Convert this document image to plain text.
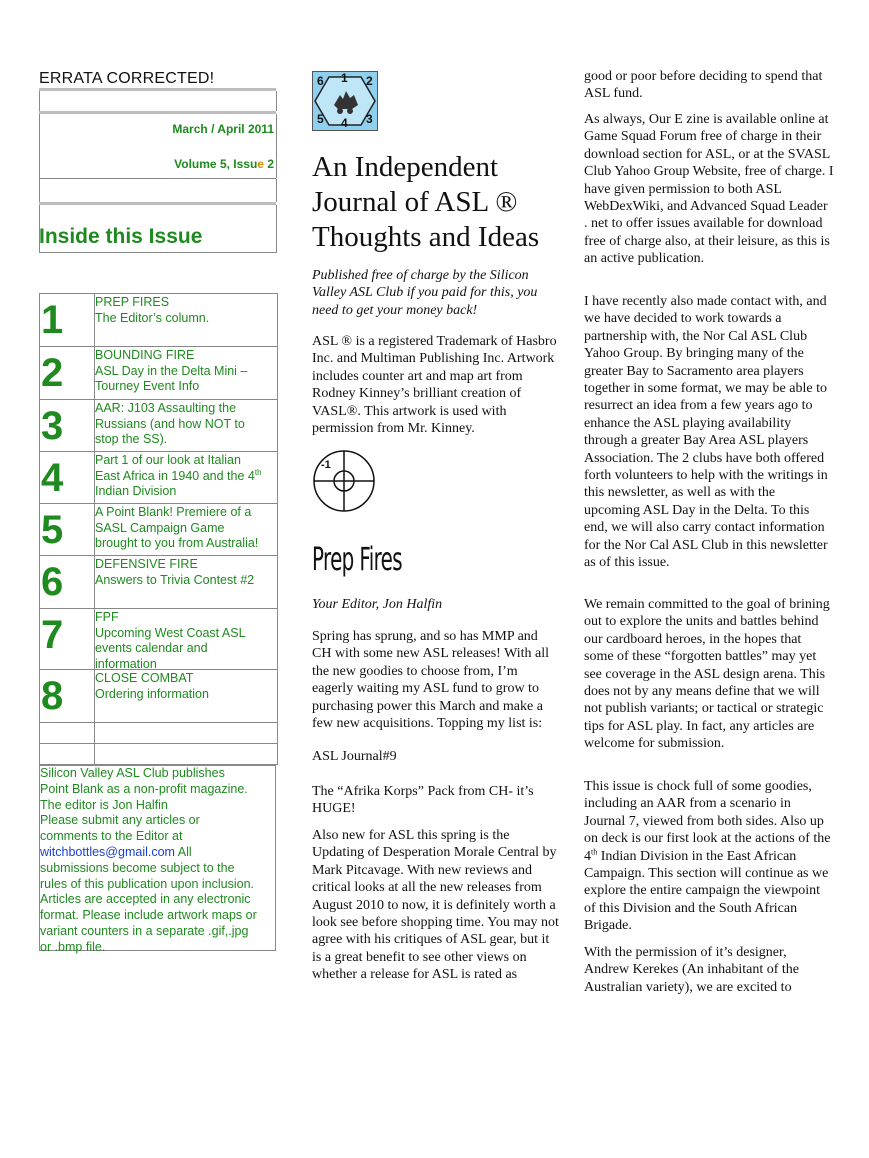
ERRATA CORRECTED!
March / April 2011
Volume 5, Issue 2
Inside this Issue
1	PREP FIRES
The Editor’s column.
2	BOUNDING FIRE
ASL Day in the Delta Mini –
Tourney Event Info
3	AAR: J103 Assaulting the
Russians (and how NOT to
stop the SS).
4	Part 1 of our look at Italian
East Africa in 1940 and the 4th
Indian Division
5	A Point Blank! Premiere of a
SASL Campaign Game
brought to you from Australia!
6	DEFENSIVE FIRE
Answers to Trivia Contest #2
7	FPF
Upcoming West Coast ASL
events calendar and
information
8	CLOSE COMBAT
Ordering information
Silicon Valley ASL Club publishes
Point Blank as a non-profit magazine.
The editor is Jon Halfin
Please submit any articles or
comments to the Editor at
witchbottles@gmail.com All
submissions become subject to the
rules of this publication upon inclusion.
Articles are accepted in any electronic
format. Please include artwork maps or
variant counters in a separate .gif,.jpg
or .bmp file.
6 1 2
5 4 3
An Independent
Journal of ASL ®
Thoughts and Ideas
Published free of charge by the Silicon Valley ASL Club if you paid for this, you need to get your money back!
ASL ® is a registered Trademark of Hasbro Inc. and Multiman Publishing Inc. Artwork includes counter art and map art from Rodney Kinney’s brilliant creation of VASL®. This artwork is used with permission from Mr. Kinney.
-1
Prep Fires
Your Editor, Jon Halfin
Spring has sprung, and so has MMP and CH with some new ASL releases! With all the new goodies to choose from, I’m eagerly waiting my ASL fund to grow to purchasing power this March and make a few new acquisitions. Topping my list is:
ASL Journal#9
The “Afrika Korps” Pack from CH- it’s HUGE!
Also new for ASL this spring is the Updating of Desperation Morale Central by Mark Pitcavage. With new reviews and critical looks at all the new releases from August 2010 to now, it is definitely worth a look see before shopping time. You may not agree with his critiques of ASL gear, but it is a great benefit to see other views on whether a release for ASL is rated as
good or poor before deciding to spend that ASL fund.
As always, Our E zine is available online at Game Squad Forum free of charge in their download section for ASL, or at the SVASL Club Yahoo Group Website, free of charge. I have given permission to both ASL WebDexWiki, and Advanced Squad Leader . net to offer issues available for download free of charge also, at their leisure, as this is an active publication.
I have recently also made contact with, and we have decided to work towards a partnership with, the Nor Cal ASL Club Yahoo Group. By bringing many of the greater Bay to Sacramento area players together in some format, we may be able to resurrect an idea from a few years ago to enhance the ASL playing availability through a greater Bay Area ASL players Association. The 2 clubs have both offered forth volunteers to help with the writings in this newsletter, as well as with the upcoming ASL Day in the Delta. To this end, we will also carry contact information for the Nor Cal ASL Club in this newsletter as of this issue.
We remain committed to the goal of brining out to explore the units and battles behind our cardboard heroes, in the hopes that some of these “forgotten battles” may yet see coverage in the ASL design arena. This does not by any means define that we will not publish variants; or tactical or strategic tips for ASL play. In fact, any articles are welcome for submission.
This issue is chock full of some goodies, including an AAR from a scenario in Journal 7, viewed from both sides. Also up on deck is our first look at the actions of the 4th Indian Division in the East African Campaign. This section will continue as we explore the entire campaign the viewpoint of this Division and the South African Brigade.
With the permission of it’s designer, Andrew Kerekes (An inhabitant of the Australian variety), we are excited to
